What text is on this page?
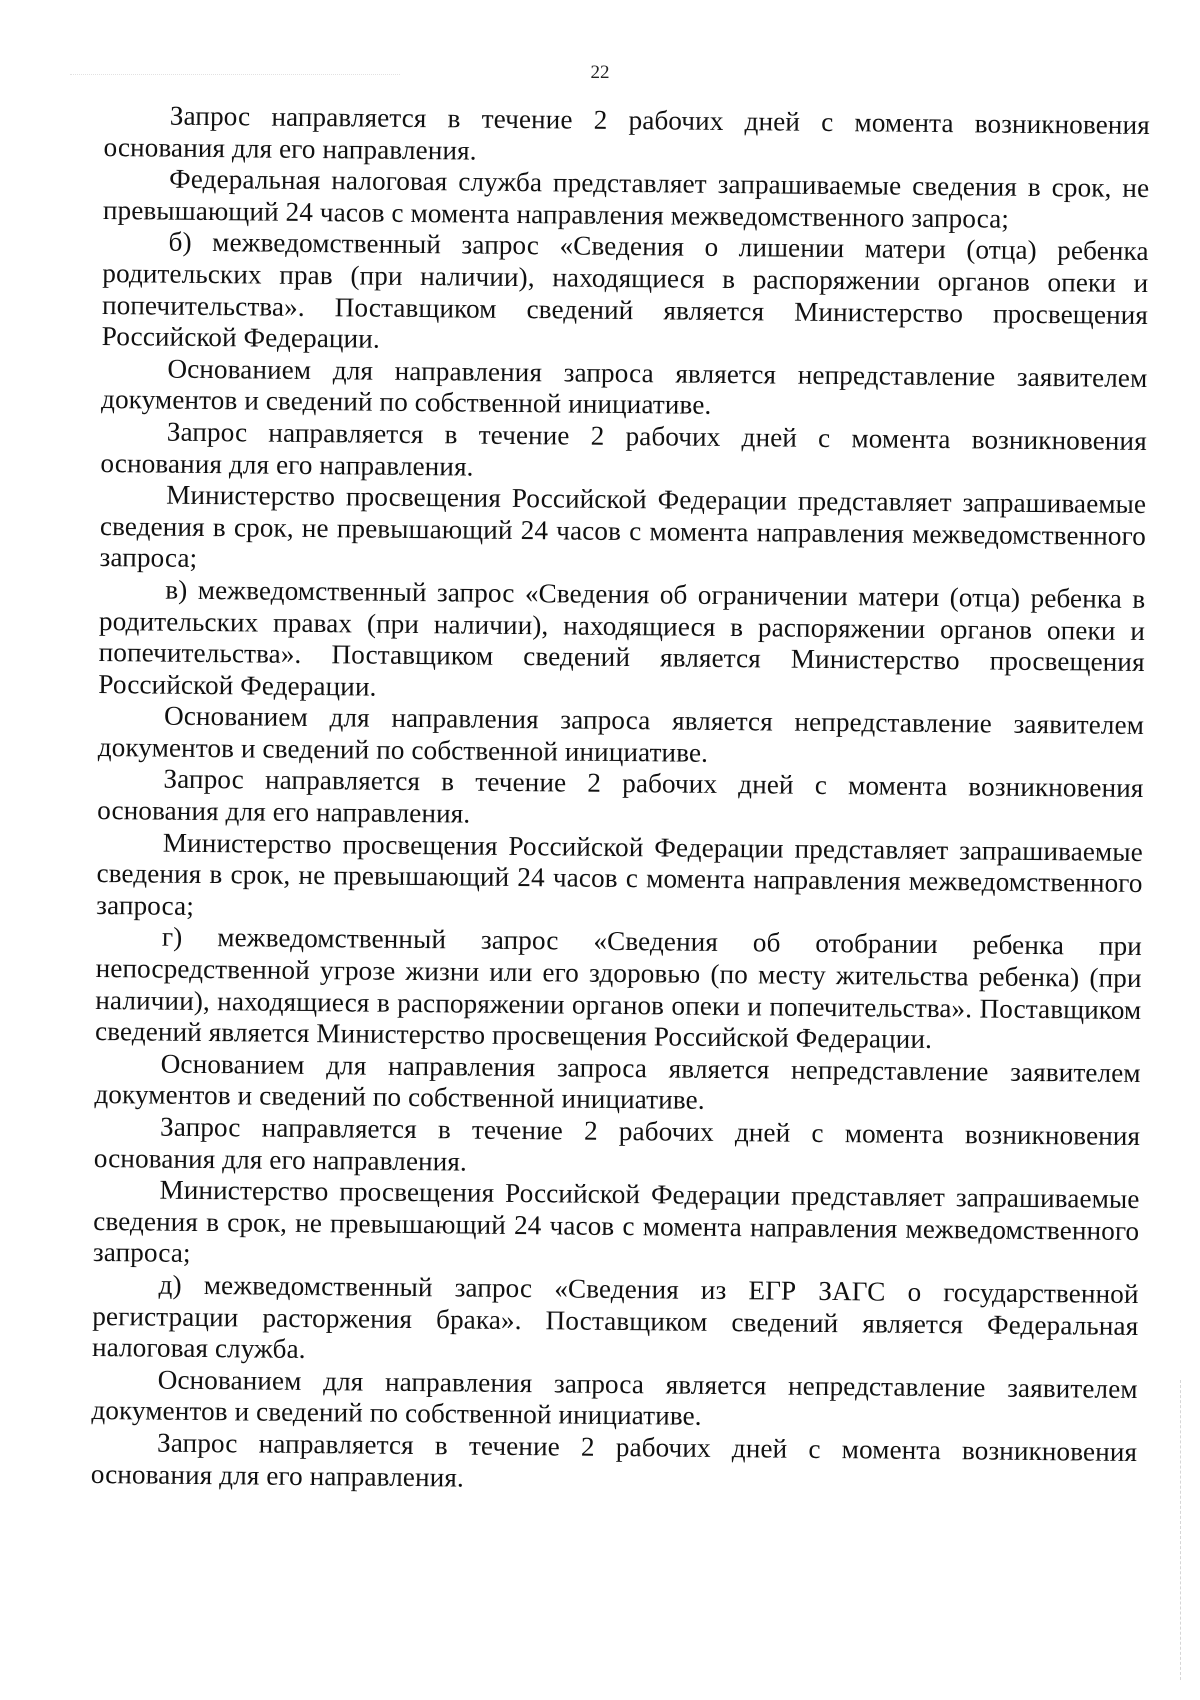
22

Запрос направляется в течение 2 рабочих дней с момента возникновения основания для его направления.

Федеральная налоговая служба представляет запрашиваемые сведения в срок, не превышающий 24 часов с момента направления межведомственного запроса;

б) межведомственный запрос «Сведения о лишении матери (отца) ребенка родительских прав (при наличии), находящиеся в распоряжении органов опеки и попечительства». Поставщиком сведений является Министерство просвещения Российской Федерации.

Основанием для направления запроса является непредставление заявителем документов и сведений по собственной инициативе.

Запрос направляется в течение 2 рабочих дней с момента возникновения основания для его направления.

Министерство просвещения Российской Федерации представляет запрашиваемые сведения в срок, не превышающий 24 часов с момента направления межведомственного запроса;

в) межведомственный запрос «Сведения об ограничении матери (отца) ребенка в родительских правах (при наличии), находящиеся в распоряжении органов опеки и попечительства». Поставщиком сведений является Министерство просвещения Российской Федерации.

Основанием для направления запроса является непредставление заявителем документов и сведений по собственной инициативе.

Запрос направляется в течение 2 рабочих дней с момента возникновения основания для его направления.

Министерство просвещения Российской Федерации представляет запрашиваемые сведения в срок, не превышающий 24 часов с момента направления межведомственного запроса;

г) межведомственный запрос «Сведения об отобрании ребенка при непосредственной угрозе жизни или его здоровью (по месту жительства ребенка) (при наличии), находящиеся в распоряжении органов опеки и попечительства». Поставщиком сведений является Министерство просвещения Российской Федерации.

Основанием для направления запроса является непредставление заявителем документов и сведений по собственной инициативе.

Запрос направляется в течение 2 рабочих дней с момента возникновения основания для его направления.

Министерство просвещения Российской Федерации представляет запрашиваемые сведения в срок, не превышающий 24 часов с момента направления межведомственного запроса;

д) межведомственный запрос «Сведения из ЕГР ЗАГС о государственной регистрации расторжения брака». Поставщиком сведений является Федеральная налоговая служба.

Основанием для направления запроса является непредставление заявителем документов и сведений по собственной инициативе.

Запрос направляется в течение 2 рабочих дней с момента возникновения основания для его направления.
